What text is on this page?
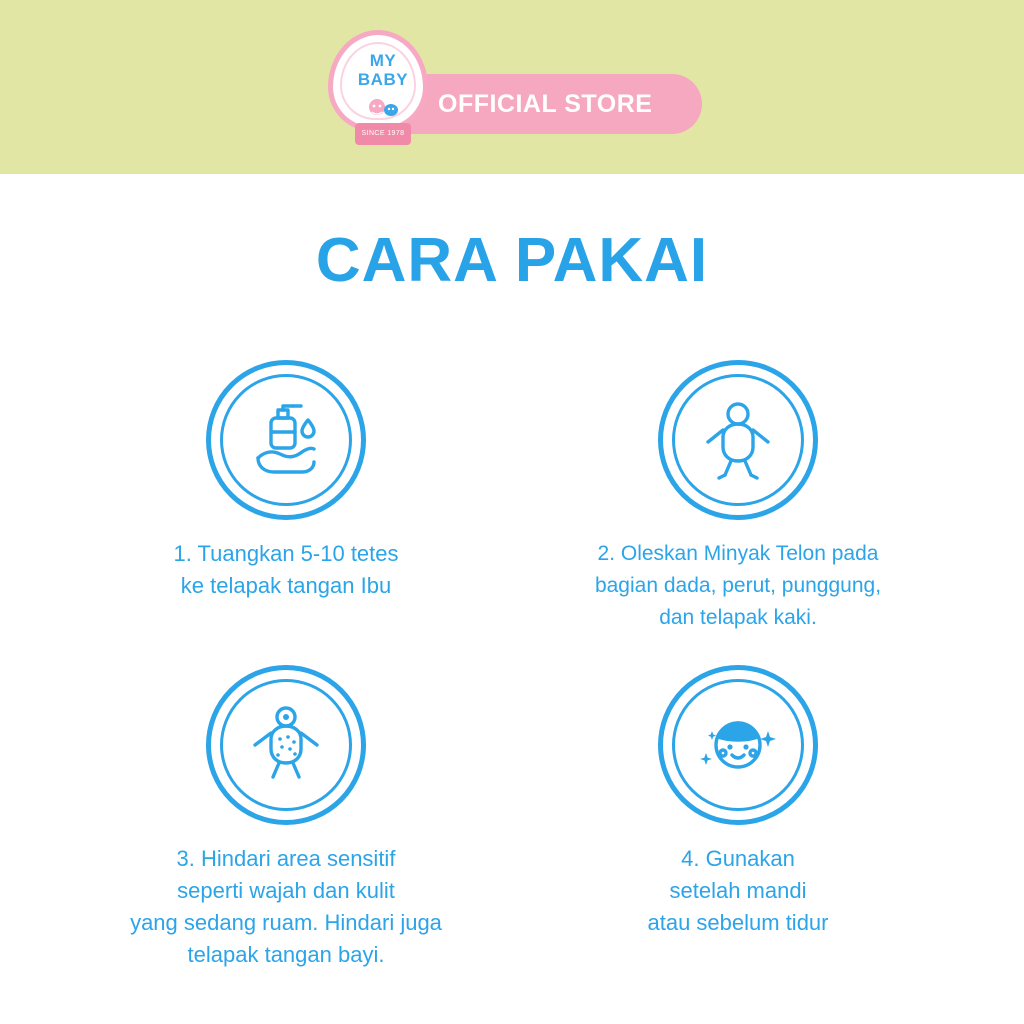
OFFICIAL STORE
MY
BABY
SINCE 1978
CARA PAKAI
1. Tuangkan 5-10 tetes
ke telapak tangan Ibu
2. Oleskan Minyak Telon pada
bagian dada, perut, punggung,
dan telapak kaki.
3. Hindari area sensitif
seperti wajah dan kulit
yang sedang ruam. Hindari juga
telapak tangan bayi.
4. Gunakan
setelah mandi
atau sebelum tidur
